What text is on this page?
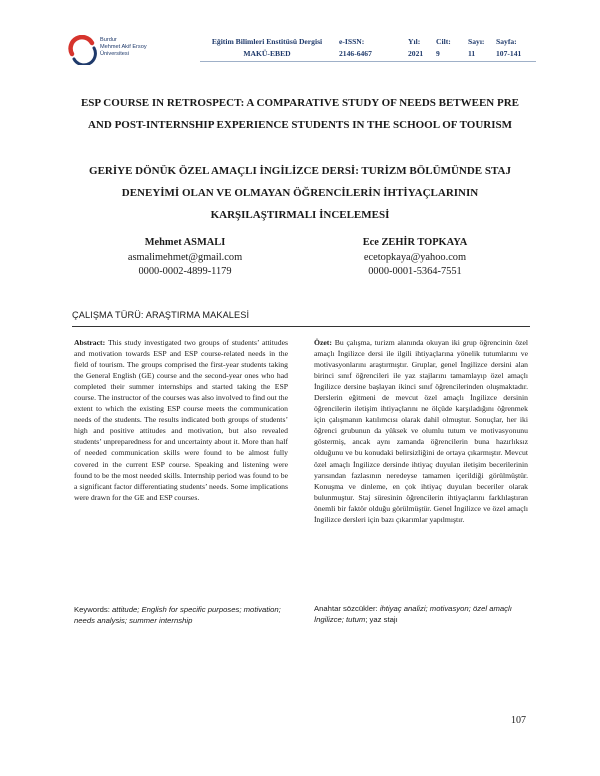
Burdur
Mehmet Akif Ersoy
Üniversitesi
Eğitim Bilimleri Enstitüsü Dergisi
MAKÜ-EBED
e-ISSN:
2146-6467
Yıl:
2021
Cilt:
9
Sayı:
11
Sayfa:
107-141
ESP COURSE IN RETROSPECT: A COMPARATIVE STUDY OF NEEDS BETWEEN PRE AND POST-INTERNSHIP EXPERIENCE STUDENTS IN THE SCHOOL OF TOURISM
GERİYE DÖNÜK ÖZEL AMAÇLI İNGİLİZCE DERSİ: TURİZM BÖLÜMÜNDE STAJ DENEYİMİ OLAN VE OLMAYAN ÖĞRENCİLERİN İHTİYAÇLARININ KARŞILAŞTIRMALI İNCELEMESİ
Mehmet ASMALI
asmalimehmet@gmail.com
0000-0002-4899-1179
Ece ZEHİR TOPKAYA
ecetopkaya@yahoo.com
0000-0001-5364-7551
ÇALIŞMA TÜRÜ: ARAŞTIRMA MAKALESİ
Abstract: This study investigated two groups of students’ attitudes and motivation towards ESP and ESP course-related needs in the field of tourism. The groups comprised the first-year students taking the General English (GE) course and the second-year ones who had completed their summer internships and started taking the ESP course. The instructor of the courses was also involved to find out the extent to which the existing ESP course meets the communication needs of the students. The results indicated both groups of students’ high and positive attitudes and motivation, but also revealed students’ unpreparedness for and uncertainty about it. More than half of needed communication skills were found to be almost fully covered in the current ESP course. Speaking and listening were found to be the most needed skills. Internship period was found to be a significant factor differentiating students’ needs. Some implications were drawn for the GE and ESP courses.
Özet: Bu çalışma, turizm alanında okuyan iki grup öğrencinin özel amaçlı İngilizce dersi ile ilgili ihtiyaçlarına yönelik tutumlarını ve motivasyonlarını araştırmıştır. Gruplar, genel İngilizce dersini alan birinci sınıf öğrencileri ile yaz stajlarını tamamlayıp özel amaçlı İngilizce dersine başlayan ikinci sınıf öğrencilerinden oluşmaktadır. Derslerin eğitmeni de mevcut özel amaçlı İngilizce dersinin öğrencilerin iletişim ihtiyaçlarını ne ölçüde karşıladığını öğrenmek için çalışmanın katılımcısı olarak dahil olmuştur. Sonuçlar, her iki öğrenci grubunun da yüksek ve olumlu tutum ve motivasyonunu göstermiş, ancak aynı zamanda öğrencilerin buna hazırlıksız olduğunu ve bu konudaki belirsizliğini de ortaya çıkarmıştır. Mevcut özel amaçlı İngilizce dersinde ihtiyaç duyulan iletişim becerilerinin yarısından fazlasının neredeyse tamamen içerildiği görülmüştür. Konuşma ve dinleme, en çok ihtiyaç duyulan beceriler olarak bulunmuştur. Staj süresinin öğrencilerin ihtiyaçlarını farklılaştıran önemli bir faktör olduğu görülmüştür. Genel İngilizce ve özel amaçlı İngilizce dersleri için bazı çıkarımlar yapılmıştır.
Keywords: attitude; English for specific purposes; motivation; needs analysis; summer internship
Anahtar sözcükler: ihtiyaç analizi; motivasyon; özel amaçlı İngilizce; tutum; yaz stajı
107
